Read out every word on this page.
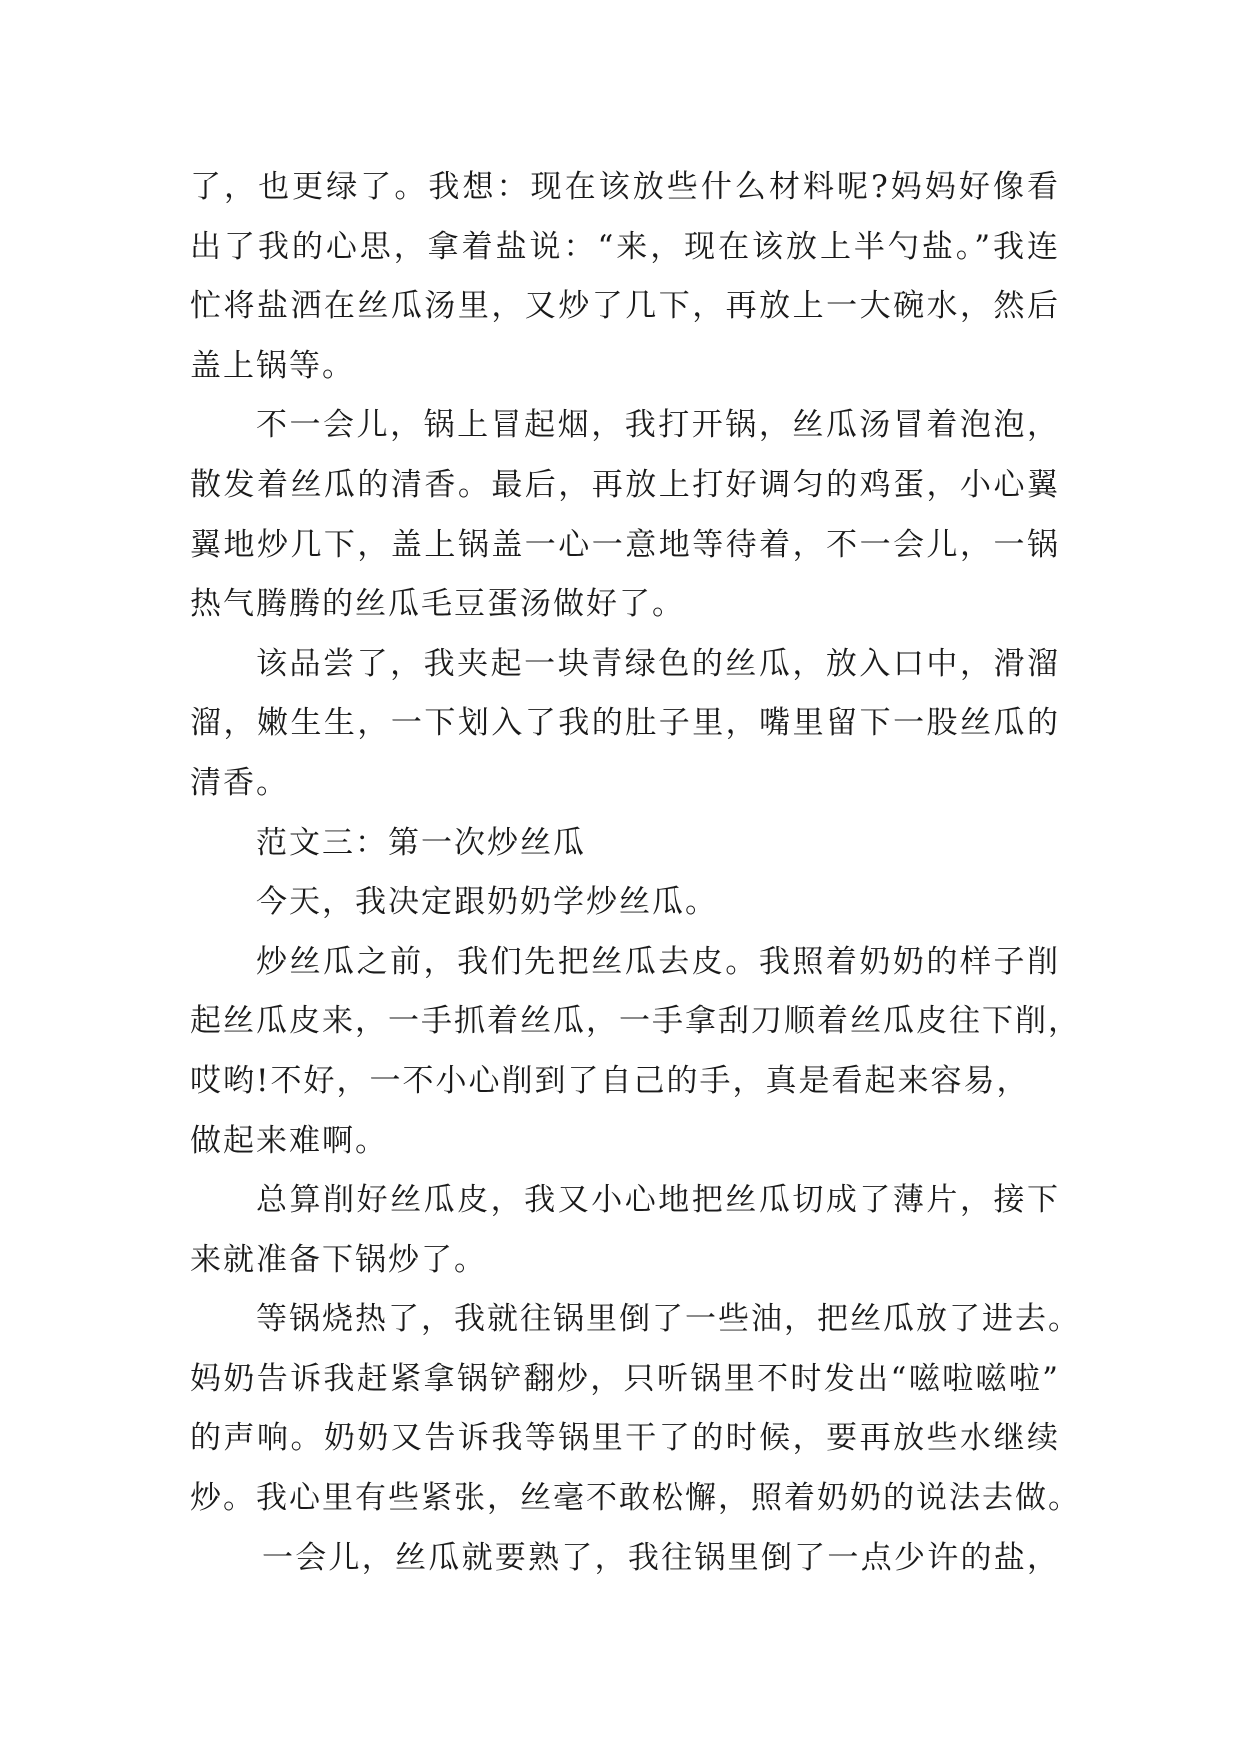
了，也更绿了。我想：现在该放些什么材料呢?妈妈好像看
出了我的心思，拿着盐说：“来，现在该放上半勺盐。”我连
忙将盐洒在丝瓜汤里，又炒了几下，再放上一大碗水，然后
盖上锅等。
不一会儿，锅上冒起烟，我打开锅，丝瓜汤冒着泡泡，
散发着丝瓜的清香。最后，再放上打好调匀的鸡蛋，小心翼
翼地炒几下，盖上锅盖一心一意地等待着，不一会儿，一锅
热气腾腾的丝瓜毛豆蛋汤做好了。
该品尝了，我夹起一块青绿色的丝瓜，放入口中，滑溜
溜，嫩生生，一下划入了我的肚子里，嘴里留下一股丝瓜的
清香。
范文三：第一次炒丝瓜
今天，我决定跟奶奶学炒丝瓜。
炒丝瓜之前，我们先把丝瓜去皮。我照着奶奶的样子削
起丝瓜皮来，一手抓着丝瓜，一手拿刮刀顺着丝瓜皮往下削，
哎哟!不好，一不小心削到了自己的手，真是看起来容易，
做起来难啊。
总算削好丝瓜皮，我又小心地把丝瓜切成了薄片，接下
来就准备下锅炒了。
等锅烧热了，我就往锅里倒了一些油，把丝瓜放了进去。
妈奶告诉我赶紧拿锅铲翻炒，只听锅里不时发出“嗞啦嗞啦”
的声响。奶奶又告诉我等锅里干了的时候，要再放些水继续
炒。我心里有些紧张，丝毫不敢松懈，照着奶奶的说法去做。
一会儿，丝瓜就要熟了，我往锅里倒了一点少许的盐，
